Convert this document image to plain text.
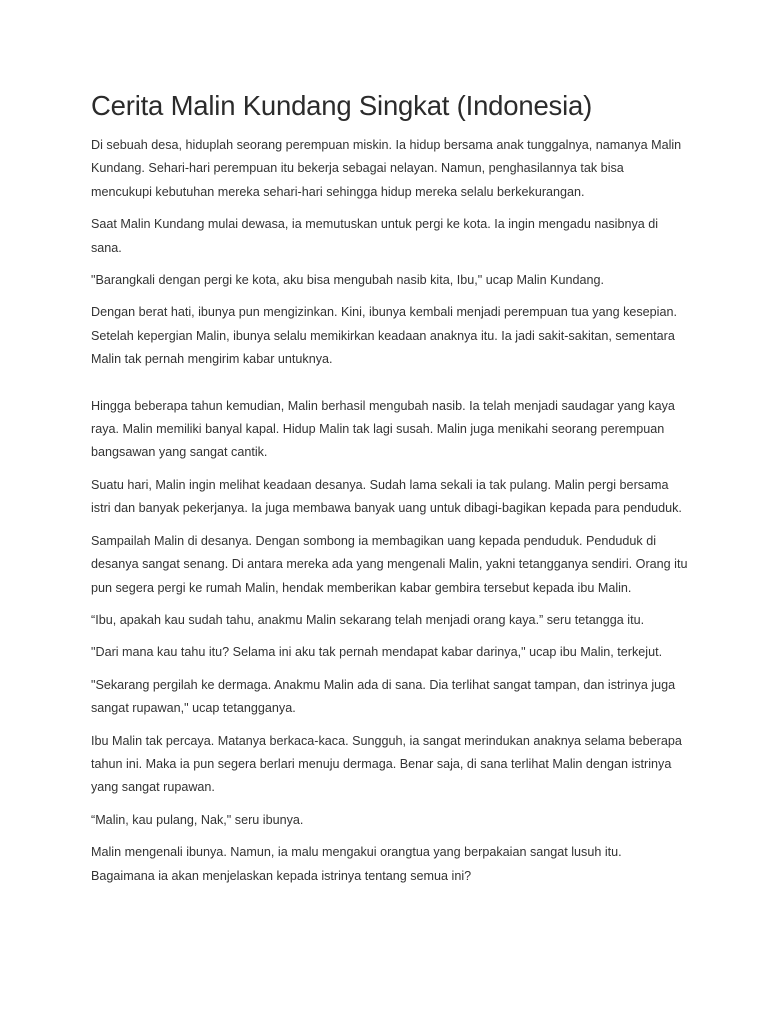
Cerita Malin Kundang Singkat (Indonesia)

Di sebuah desa, hiduplah seorang perempuan miskin. Ia hidup bersama anak tunggalnya, namanya Malin Kundang. Sehari-hari perempuan itu bekerja sebagai nelayan. Namun, penghasilannya tak bisa mencukupi kebutuhan mereka sehari-hari sehingga hidup mereka selalu berkekurangan.

Saat Malin Kundang mulai dewasa, ia memutuskan untuk pergi ke kota. Ia ingin mengadu nasibnya di sana.

"Barangkali dengan pergi ke kota, aku bisa mengubah nasib kita, Ibu," ucap Malin Kundang.

Dengan berat hati, ibunya pun mengizinkan. Kini, ibunya kembali menjadi perempuan tua yang kesepian. Setelah kepergian Malin, ibunya selalu memikirkan keadaan anaknya itu. Ia jadi sakit-sakitan, sementara Malin tak pernah mengirim kabar untuknya.

Hingga beberapa tahun kemudian, Malin berhasil mengubah nasib. Ia telah menjadi saudagar yang kaya raya. Malin memiliki banyal kapal. Hidup Malin tak lagi susah. Malin juga menikahi seorang perempuan bangsawan yang sangat cantik.

Suatu hari, Malin ingin melihat keadaan desanya. Sudah lama sekali ia tak pulang. Malin pergi bersama istri dan banyak pekerjanya. Ia juga membawa banyak uang untuk dibagi-bagikan kepada para penduduk.

Sampailah Malin di desanya. Dengan sombong ia membagikan uang kepada penduduk. Penduduk di desanya sangat senang. Di antara mereka ada yang mengenali Malin, yakni tetangganya sendiri. Orang itu pun segera pergi ke rumah Malin, hendak memberikan kabar gembira tersebut kepada ibu Malin.

“Ibu, apakah kau sudah tahu, anakmu Malin sekarang telah menjadi orang kaya.” seru tetangga itu.

"Dari mana kau tahu itu? Selama ini aku tak pernah mendapat kabar darinya," ucap ibu Malin, terkejut.

"Sekarang pergilah ke dermaga. Anakmu Malin ada di sana. Dia terlihat sangat tampan, dan istrinya juga sangat rupawan," ucap tetangganya.

Ibu Malin tak percaya. Matanya berkaca-kaca. Sungguh, ia sangat merindukan anaknya selama beberapa tahun ini. Maka ia pun segera berlari menuju dermaga. Benar saja, di sana terlihat Malin dengan istrinya yang sangat rupawan.

“Malin, kau pulang, Nak," seru ibunya.

Malin mengenali ibunya. Namun, ia malu mengakui orangtua yang berpakaian sangat lusuh itu. Bagaimana ia akan menjelaskan kepada istrinya tentang semua ini?
